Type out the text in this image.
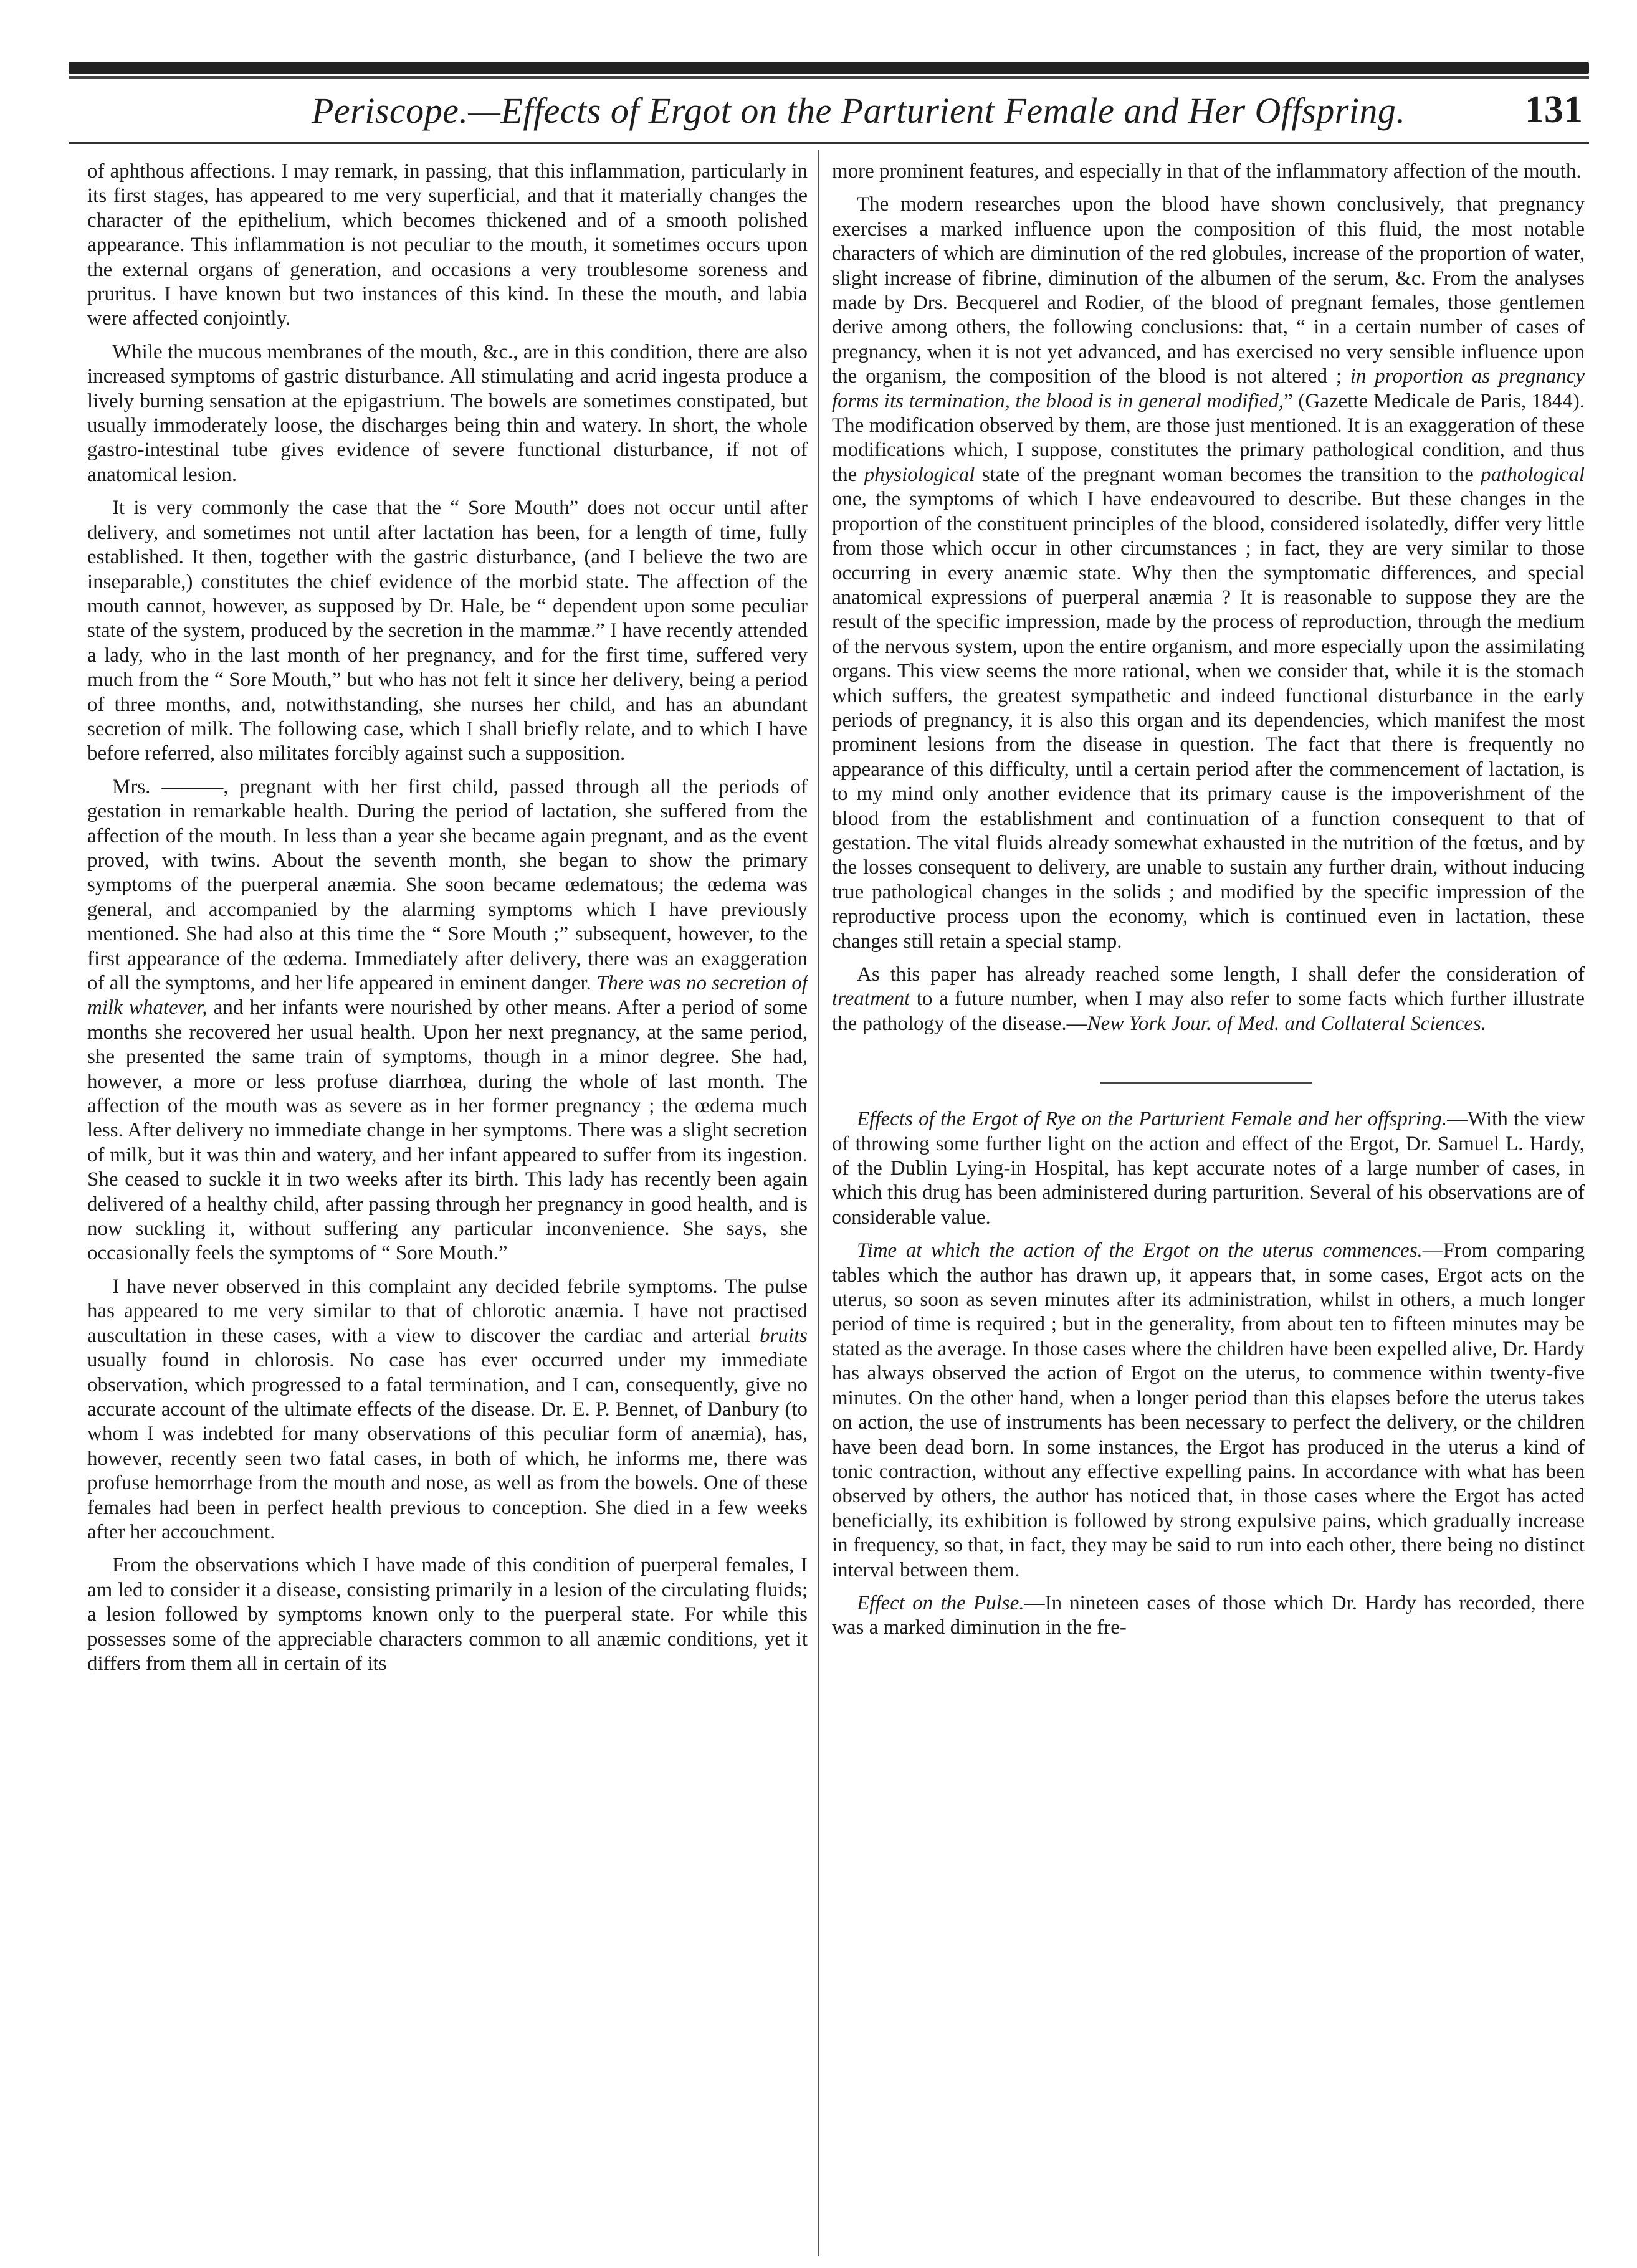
Periscope.—Effects of Ergot on the Parturient Female and Her Offspring.	131

of aphthous affections. I may remark, in passing, that this inflammation, particularly in its first stages, has appeared to me very superficial, and that it materially changes the character of the epithelium, which becomes thickened and of a smooth polished appearance. This inflammation is not peculiar to the mouth, it sometimes occurs upon the external organs of generation, and occasions a very troublesome soreness and pruritus. I have known but two instances of this kind. In these the mouth, and labia were affected conjointly.

While the mucous membranes of the mouth, &c., are in this condition, there are also increased symptoms of gastric disturbance. All stimulating and acrid ingesta produce a lively burning sensation at the epigastrium. The bowels are sometimes constipated, but usually immoderately loose, the discharges being thin and watery. In short, the whole gastro-intestinal tube gives evidence of severe functional disturbance, if not of anatomical lesion.

It is very commonly the case that the “ Sore Mouth” does not occur until after delivery, and sometimes not until after lactation has been, for a length of time, fully established. It then, together with the gastric disturbance, (and I believe the two are inseparable,) constitutes the chief evidence of the morbid state. The affection of the mouth cannot, however, as supposed by Dr. Hale, be “ dependent upon some peculiar state of the system, produced by the secretion in the mammæ.” I have recently attended a lady, who in the last month of her pregnancy, and for the first time, suffered very much from the “ Sore Mouth,” but who has not felt it since her delivery, being a period of three months, and, notwithstanding, she nurses her child, and has an abundant secretion of milk. The following case, which I shall briefly relate, and to which I have before referred, also militates forcibly against such a supposition.

Mrs. ———, pregnant with her first child, passed through all the periods of gestation in remarkable health. During the period of lactation, she suffered from the affection of the mouth. In less than a year she became again pregnant, and as the event proved, with twins. About the seventh month, she began to show the primary symptoms of the puerperal anæmia. She soon became œdematous; the œdema was general, and accompanied by the alarming symptoms which I have previously mentioned. She had also at this time the “ Sore Mouth ;” subsequent, however, to the first appearance of the œdema. Immediately after delivery, there was an exaggeration of all the symptoms, and her life appeared in eminent danger. There was no secretion of milk whatever, and her infants were nourished by other means. After a period of some months she recovered her usual health. Upon her next pregnancy, at the same period, she presented the same train of symptoms, though in a minor degree. She had, however, a more or less profuse diarrhœa, during the whole of last month. The affection of the mouth was as severe as in her former pregnancy ; the œdema much less. After delivery no immediate change in her symptoms. There was a slight secretion of milk, but it was thin and watery, and her infant appeared to suffer from its ingestion. She ceased to suckle it in two weeks after its birth. This lady has recently been again delivered of a healthy child, after passing through her pregnancy in good health, and is now suckling it, without suffering any particular inconvenience. She says, she occasionally feels the symptoms of “ Sore Mouth.”

I have never observed in this complaint any decided febrile symptoms. The pulse has appeared to me very similar to that of chlorotic anæmia. I have not practised auscultation in these cases, with a view to discover the cardiac and arterial bruits usually found in chlorosis. No case has ever occurred under my immediate observation, which progressed to a fatal termination, and I can, consequently, give no accurate account of the ultimate effects of the disease. Dr. E. P. Bennet, of Danbury (to whom I was indebted for many observations of this peculiar form of anæmia), has, however, recently seen two fatal cases, in both of which, he informs me, there was profuse hemorrhage from the mouth and nose, as well as from the bowels. One of these females had been in perfect health previous to conception. She died in a few weeks after her accouchment.

From the observations which I have made of this condition of puerperal females, I am led to consider it a disease, consisting primarily in a lesion of the circulating fluids; a lesion followed by symptoms known only to the puerperal state. For while this possesses some of the appreciable characters common to all anæmic conditions, yet it differs from them all in certain of its

more prominent features, and especially in that of the inflammatory affection of the mouth.

The modern researches upon the blood have shown conclusively, that pregnancy exercises a marked influence upon the composition of this fluid, the most notable characters of which are diminution of the red globules, increase of the proportion of water, slight increase of fibrine, diminution of the albumen of the serum, &c. From the analyses made by Drs. Becquerel and Rodier, of the blood of pregnant females, those gentlemen derive among others, the following conclusions: that, “ in a certain number of cases of pregnancy, when it is not yet advanced, and has exercised no very sensible influence upon the organism, the composition of the blood is not altered ; in proportion as pregnancy forms its termination, the blood is in general modified,” (Gazette Medicale de Paris, 1844). The modification observed by them, are those just mentioned. It is an exaggeration of these modifications which, I suppose, constitutes the primary pathological condition, and thus the physiological state of the pregnant woman becomes the transition to the pathological one, the symptoms of which I have endeavoured to describe. But these changes in the proportion of the constituent principles of the blood, considered isolatedly, differ very little from those which occur in other circumstances ; in fact, they are very similar to those occurring in every anæmic state. Why then the symptomatic differences, and special anatomical expressions of puerperal anæmia ? It is reasonable to suppose they are the result of the specific impression, made by the process of reproduction, through the medium of the nervous system, upon the entire organism, and more especially upon the assimilating organs. This view seems the more rational, when we consider that, while it is the stomach which suffers, the greatest sympathetic and indeed functional disturbance in the early periods of pregnancy, it is also this organ and its dependencies, which manifest the most prominent lesions from the disease in question. The fact that there is frequently no appearance of this difficulty, until a certain period after the commencement of lactation, is to my mind only another evidence that its primary cause is the impoverishment of the blood from the establishment and continuation of a function consequent to that of gestation. The vital fluids already somewhat exhausted in the nutrition of the fœtus, and by the losses consequent to delivery, are unable to sustain any further drain, without inducing true pathological changes in the solids ; and modified by the specific impression of the reproductive process upon the economy, which is continued even in lactation, these changes still retain a special stamp.

As this paper has already reached some length, I shall defer the consideration of treatment to a future number, when I may also refer to some facts which further illustrate the pathology of the disease.—New York Jour. of Med. and Collateral Sciences.

Effects of the Ergot of Rye on the Parturient Female and her offspring.—With the view of throwing some further light on the action and effect of the Ergot, Dr. Samuel L. Hardy, of the Dublin Lying-in Hospital, has kept accurate notes of a large number of cases, in which this drug has been administered during parturition. Several of his observations are of considerable value.

Time at which the action of the Ergot on the uterus commences.—From comparing tables which the author has drawn up, it appears that, in some cases, Ergot acts on the uterus, so soon as seven minutes after its administration, whilst in others, a much longer period of time is required ; but in the generality, from about ten to fifteen minutes may be stated as the average. In those cases where the children have been expelled alive, Dr. Hardy has always observed the action of Ergot on the uterus, to commence within twenty-five minutes. On the other hand, when a longer period than this elapses before the uterus takes on action, the use of instruments has been necessary to perfect the delivery, or the children have been dead born. In some instances, the Ergot has produced in the uterus a kind of tonic contraction, without any effective expelling pains. In accordance with what has been observed by others, the author has noticed that, in those cases where the Ergot has acted beneficially, its exhibition is followed by strong expulsive pains, which gradually increase in frequency, so that, in fact, they may be said to run into each other, there being no distinct interval between them.

Effect on the Pulse.—In nineteen cases of those which Dr. Hardy has recorded, there was a marked diminution in the fre-
